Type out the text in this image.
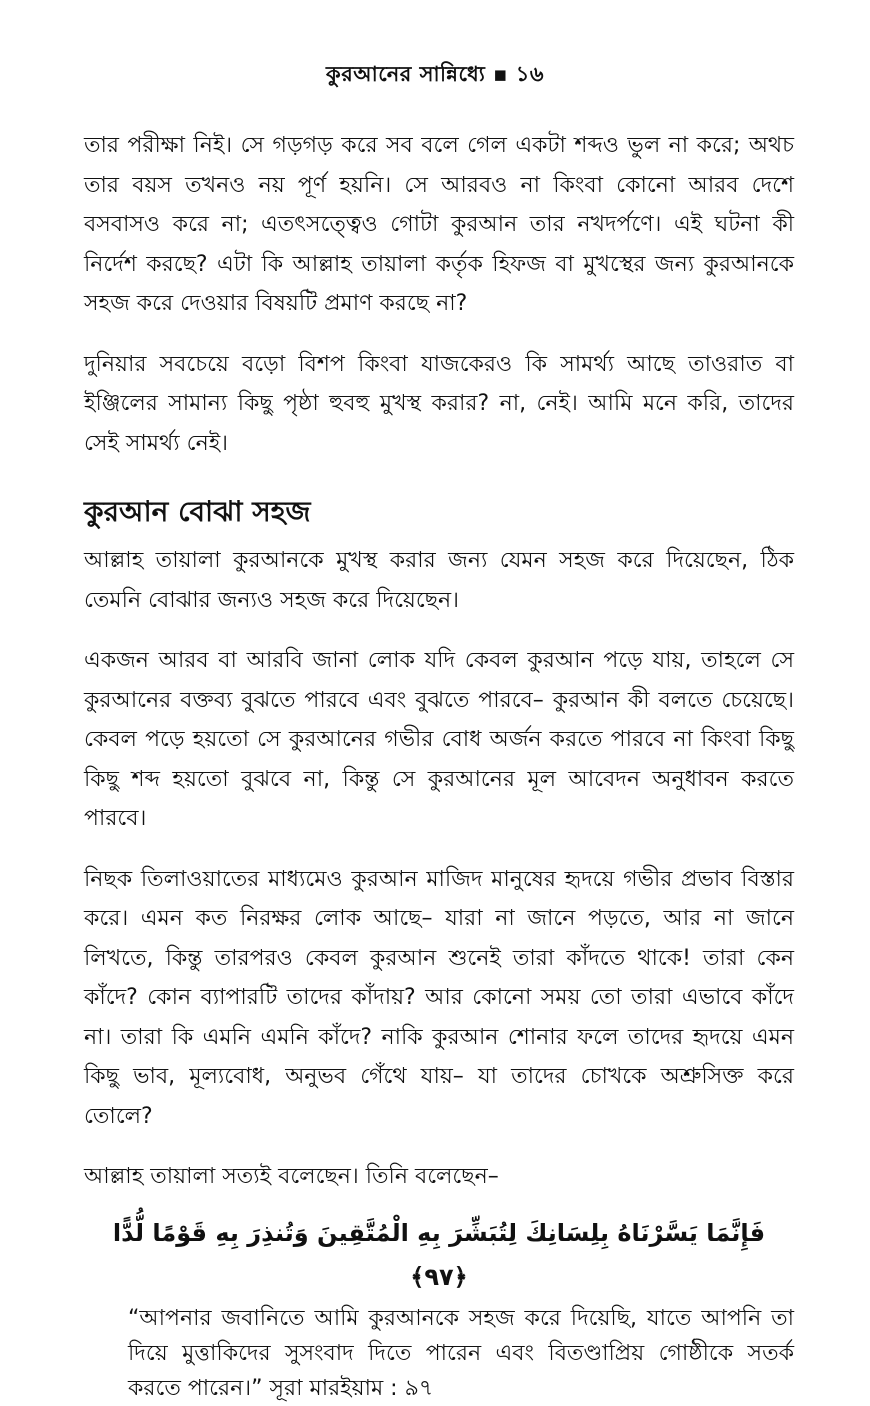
কুরআনের সান্নিধ্যে ▪ ১৬

তার পরীক্ষা নিই। সে গড়গড় করে সব বলে গেল একটা শব্দও ভুল না করে; অথচ তার বয়স তখনও নয় পূর্ণ হয়নি। সে আরবও না কিংবা কোনো আরব দেশে বসবাসও করে না; এতৎসত্ত্বেও গোটা কুরআন তার নখদর্পণে। এই ঘটনা কী নির্দেশ করছে? এটা কি আল্লাহ তায়ালা কর্তৃক হিফজ বা মুখস্থের জন্য কুরআনকে সহজ করে দেওয়ার বিষয়টি প্রমাণ করছে না?

দুনিয়ার সবচেয়ে বড়ো বিশপ কিংবা যাজকেরও কি সামর্থ্য আছে তাওরাত বা ইঞ্জিলের সামান্য কিছু পৃষ্ঠা হুবহু মুখস্থ করার? না, নেই। আমি মনে করি, তাদের সেই সামর্থ্য নেই।

কুরআন বোঝা সহজ

আল্লাহ তায়ালা কুরআনকে মুখস্থ করার জন্য যেমন সহজ করে দিয়েছেন, ঠিক তেমনি বোঝার জন্যও সহজ করে দিয়েছেন।

একজন আরব বা আরবি জানা লোক যদি কেবল কুরআন পড়ে যায়, তাহলে সে কুরআনের বক্তব্য বুঝতে পারবে এবং বুঝতে পারবে– কুরআন কী বলতে চেয়েছে। কেবল পড়ে হয়তো সে কুরআনের গভীর বোধ অর্জন করতে পারবে না কিংবা কিছু কিছু শব্দ হয়তো বুঝবে না, কিন্তু সে কুরআনের মূল আবেদন অনুধাবন করতে পারবে।

নিছক তিলাওয়াতের মাধ্যমেও কুরআন মাজিদ মানুষের হৃদয়ে গভীর প্রভাব বিস্তার করে। এমন কত নিরক্ষর লোক আছে– যারা না জানে পড়তে, আর না জানে লিখতে, কিন্তু তারপরও কেবল কুরআন শুনেই তারা কাঁদতে থাকে! তারা কেন কাঁদে? কোন ব্যাপারটি তাদের কাঁদায়? আর কোনো সময় তো তারা এভাবে কাঁদে না। তারা কি এমনি এমনি কাঁদে? নাকি কুরআন শোনার ফলে তাদের হৃদয়ে এমন কিছু ভাব, মূল্যবোধ, অনুভব গেঁথে যায়– যা তাদের চোখকে অশ্রুসিক্ত করে তোলে?

আল্লাহ তায়ালা সত্যই বলেছেন। তিনি বলেছেন–

فَإِنَّمَا يَسَّرْنَاهُ بِلِسَانِكَ لِتُبَشِّرَ بِهِ الْمُتَّقِينَ وَتُنذِرَ بِهِ قَوْمًا لُّدًّا ﴿٩٧﴾

“আপনার জবানিতে আমি কুরআনকে সহজ করে দিয়েছি, যাতে আপনি তা দিয়ে মুত্তাকিদের সুসংবাদ দিতে পারেন এবং বিতণ্ডাপ্রিয় গোষ্ঠীকে সতর্ক করতে পারেন।” সূরা মারইয়াম : ৯৭
